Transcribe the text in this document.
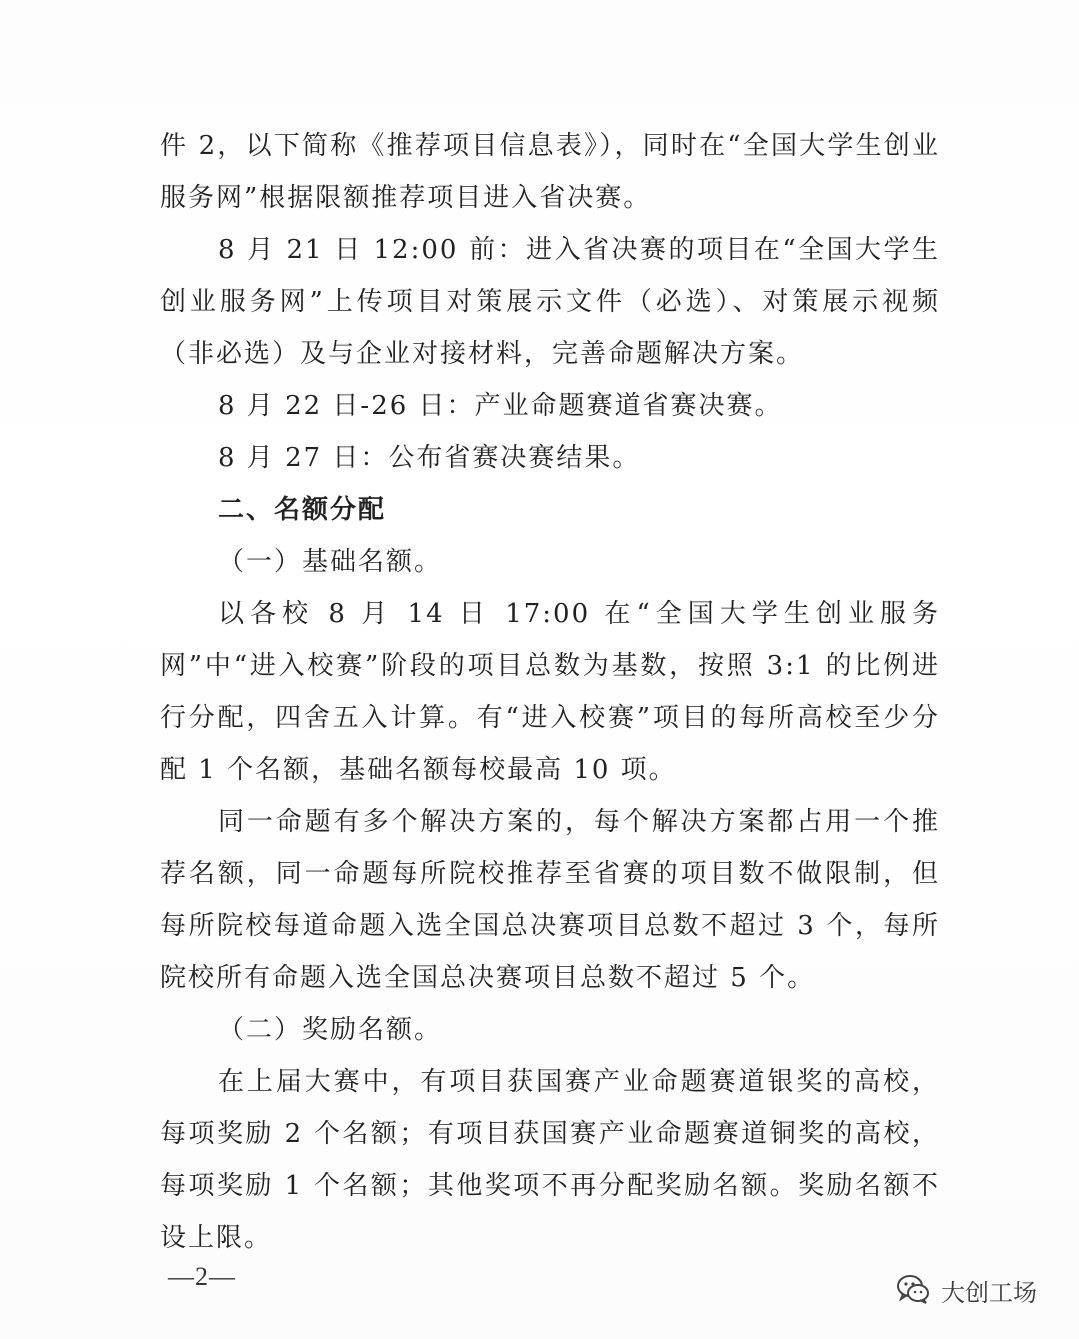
件 2，以下简称《推荐项目信息表》），同时在“全国大学生创业服务网”根据限额推荐项目进入省决赛。

8 月 21 日 12:00 前：进入省决赛的项目在“全国大学生创业服务网”上传项目对策展示文件（必选）、对策展示视频（非必选）及与企业对接材料，完善命题解决方案。

8 月 22 日-26 日：产业命题赛道省赛决赛。

8 月 27 日：公布省赛决赛结果。

二、名额分配

（一）基础名额。

以各校 8 月 14 日 17:00 在“全国大学生创业服务网”中“进入校赛”阶段的项目总数为基数，按照 3:1 的比例进行分配，四舍五入计算。有“进入校赛”项目的每所高校至少分配 1 个名额，基础名额每校最高 10 项。

同一命题有多个解决方案的，每个解决方案都占用一个推荐名额，同一命题每所院校推荐至省赛的项目数不做限制，但每所院校每道命题入选全国总决赛项目总数不超过 3 个，每所院校所有命题入选全国总决赛项目总数不超过 5 个。

（二）奖励名额。

在上届大赛中，有项目获国赛产业命题赛道银奖的高校，每项奖励 2 个名额；有项目获国赛产业命题赛道铜奖的高校，每项奖励 1 个名额；其他奖项不再分配奖励名额。奖励名额不设上限。

—2—
大创工场
